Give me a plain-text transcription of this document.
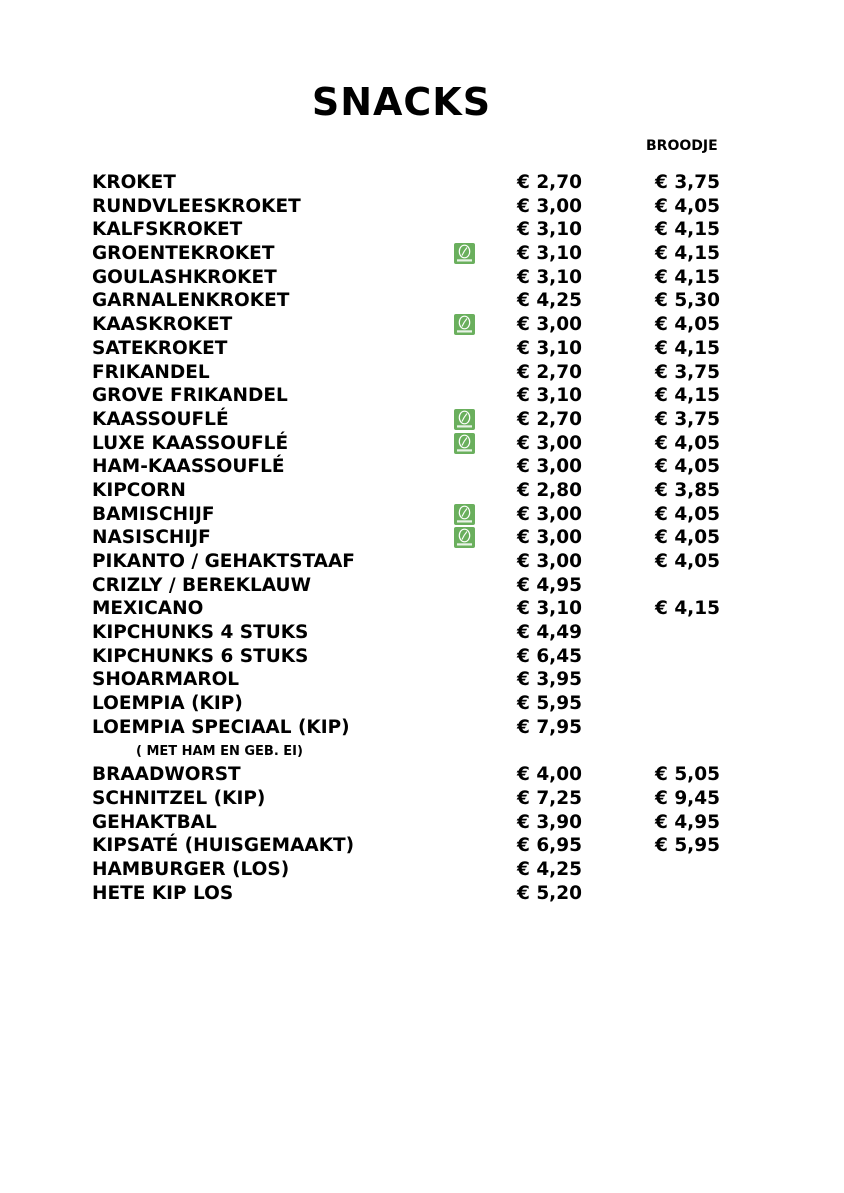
SNACKS
BROODJE
KROKET	€ 2,70	€ 3,75
RUNDVLEESKROKET	€ 3,00	€ 4,05
KALFSKROKET	€ 3,10	€ 4,15
GROENTEKROKET	€ 3,10	€ 4,15
GOULASHKROKET	€ 3,10	€ 4,15
GARNALENKROKET	€ 4,25	€ 5,30
KAASKROKET	€ 3,00	€ 4,05
SATEKROKET	€ 3,10	€ 4,15
FRIKANDEL	€ 2,70	€ 3,75
GROVE FRIKANDEL	€ 3,10	€ 4,15
KAASSOUFLÉ	€ 2,70	€ 3,75
LUXE KAASSOUFLÉ	€ 3,00	€ 4,05
HAM-KAASSOUFLÉ	€ 3,00	€ 4,05
KIPCORN	€ 2,80	€ 3,85
BAMISCHIJF	€ 3,00	€ 4,05
NASISCHIJF	€ 3,00	€ 4,05
PIKANTO / GEHAKTSTAAF	€ 3,00	€ 4,05
CRIZLY / BEREKLAUW	€ 4,95
MEXICANO	€ 3,10	€ 4,15
KIPCHUNKS 4 STUKS	€ 4,49
KIPCHUNKS 6 STUKS	€ 6,45
SHOARMAROL	€ 3,95
LOEMPIA (KIP)	€ 5,95
LOEMPIA SPECIAAL (KIP)	€ 7,95
( MET HAM EN GEB. EI)
BRAADWORST	€ 4,00	€ 5,05
SCHNITZEL (KIP)	€ 7,25	€ 9,45
GEHAKTBAL	€ 3,90	€ 4,95
KIPSATÉ (HUISGEMAAKT)	€ 6,95	€ 5,95
HAMBURGER (LOS)	€ 4,25
HETE KIP LOS	€ 5,20
